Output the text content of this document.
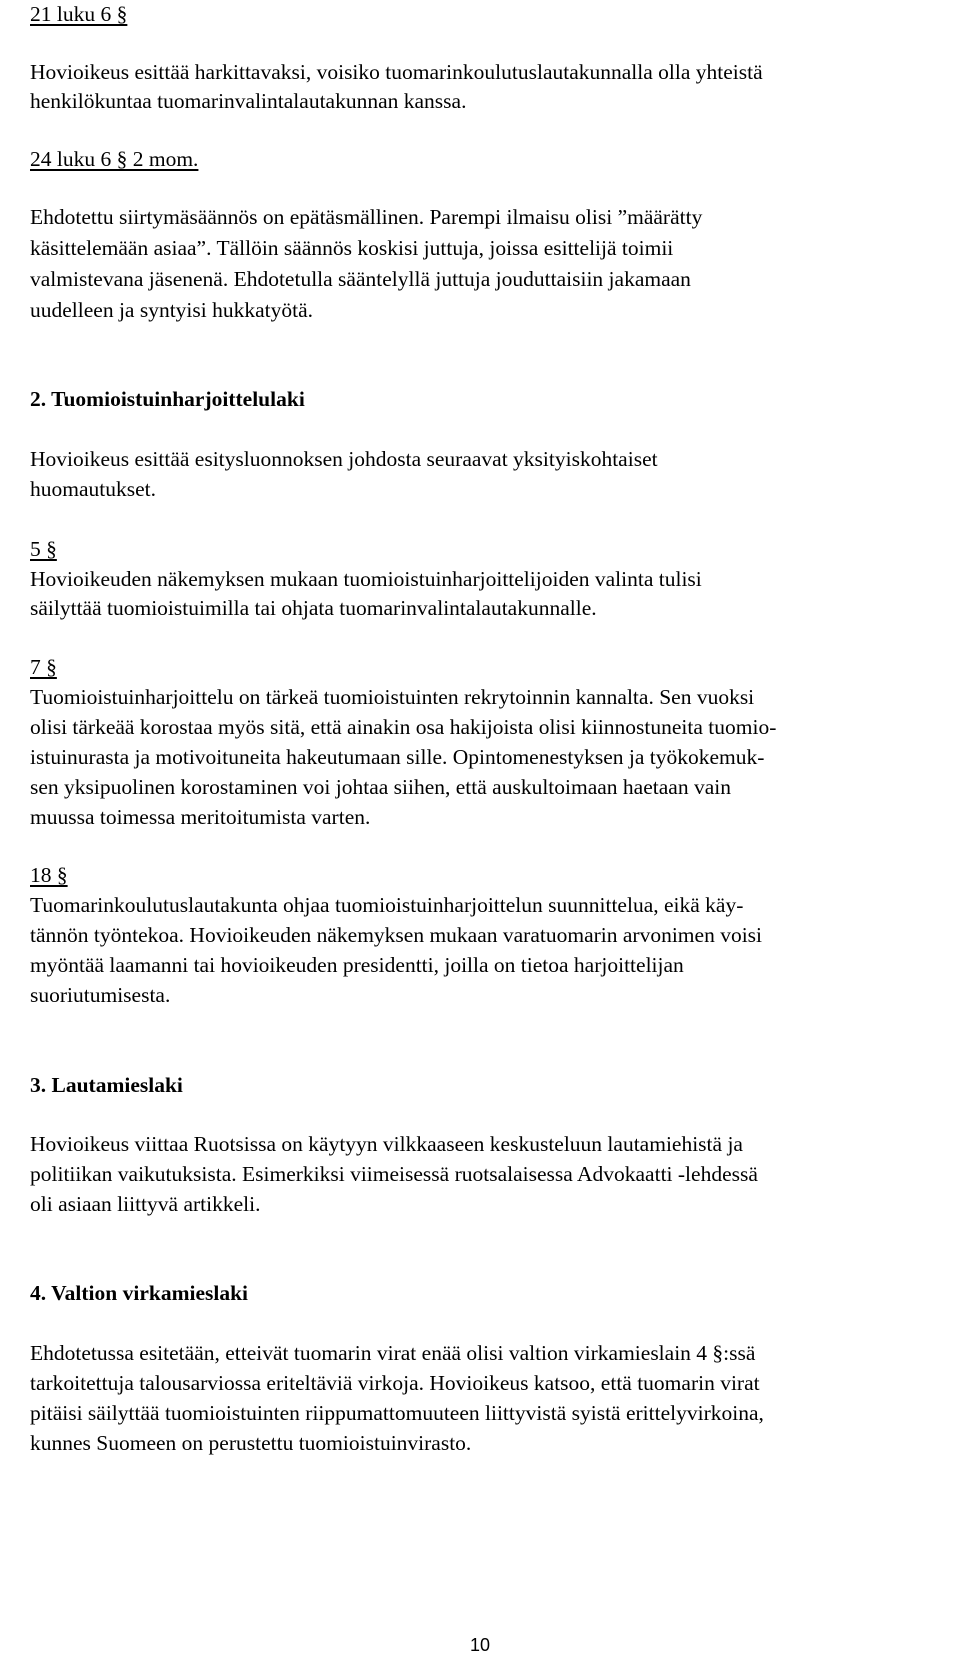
21 luku 6 §
Hovioikeus esittää harkittavaksi, voisiko tuomarinkoulutuslautakunnalla olla yhteistä
henkilökuntaa tuomarinvalintalautakunnan kanssa.
24 luku 6 § 2 mom.
Ehdotettu siirtymäsäännös on epätäsmällinen. Parempi ilmaisu olisi ”määrätty
käsittelemään asiaa”. Tällöin säännös koskisi juttuja, joissa esittelijä toimii
valmistevana jäsenenä. Ehdotetulla sääntelyllä juttuja jouduttaisiin jakamaan
uudelleen ja syntyisi hukkatyötä.
2. Tuomioistuinharjoittelulaki
Hovioikeus esittää esitysluonnoksen johdosta seuraavat yksityiskohtaiset
huomautukset.
5 §
Hovioikeuden näkemyksen mukaan tuomioistuinharjoittelijoiden valinta tulisi
säilyttää tuomioistuimilla tai ohjata tuomarinvalintalautakunnalle.
7 §
Tuomioistuinharjoittelu on tärkeä tuomioistuinten rekrytoinnin kannalta. Sen vuoksi
olisi tärkeää korostaa myös sitä, että ainakin osa hakijoista olisi kiinnostuneita tuomio-
istuinurasta ja motivoituneita hakeutumaan sille. Opintomenestyksen ja työkokemuk-
sen yksipuolinen korostaminen voi johtaa siihen, että auskultoimaan haetaan vain
muussa toimessa meritoitumista varten.
18 §
Tuomarinkoulutuslautakunta ohjaa tuomioistuinharjoittelun suunnittelua, eikä käy-
tännön työntekoa. Hovioikeuden näkemyksen mukaan varatuomarin arvonimen voisi
myöntää laamanni tai hovioikeuden presidentti, joilla on tietoa harjoittelijan
suoriutumisesta.
3. Lautamieslaki
Hovioikeus viittaa Ruotsissa on käytyyn vilkkaaseen keskusteluun lautamiehistä ja
politiikan vaikutuksista. Esimerkiksi viimeisessä ruotsalaisessa Advokaatti -lehdessä
oli asiaan liittyvä artikkeli.
4. Valtion virkamieslaki
Ehdotetussa esitetään, etteivät tuomarin virat enää olisi valtion virkamieslain 4 §:ssä
tarkoitettuja talousarviossa eriteltäviä virkoja. Hovioikeus katsoo, että tuomarin virat
pitäisi säilyttää tuomioistuinten riippumattomuuteen liittyvistä syistä erittelyvirkoina,
kunnes Suomeen on perustettu tuomioistuinvirasto.
10
